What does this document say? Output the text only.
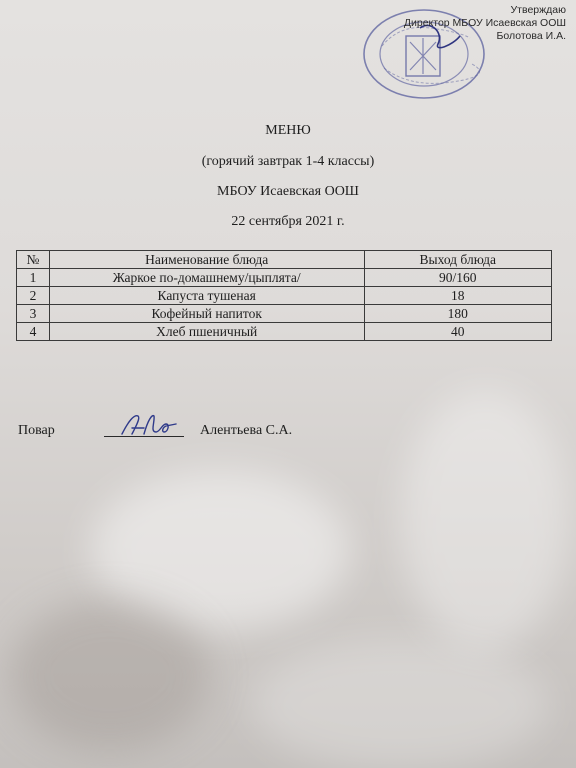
Утверждаю
Директор МБОУ Исаевская ООШ
Болотова И.А.
МЕНЮ
(горячий завтрак 1-4 классы)
МБОУ Исаевская ООШ
22 сентября 2021 г.
№	Наименование блюда	Выход блюда
1	Жаркое по-домашнему/цыплята/	90/160
2	Капуста тушеная	18
3	Кофейный напиток	180
4	Хлеб пшеничный	40
Повар	Алентьева С.А.
